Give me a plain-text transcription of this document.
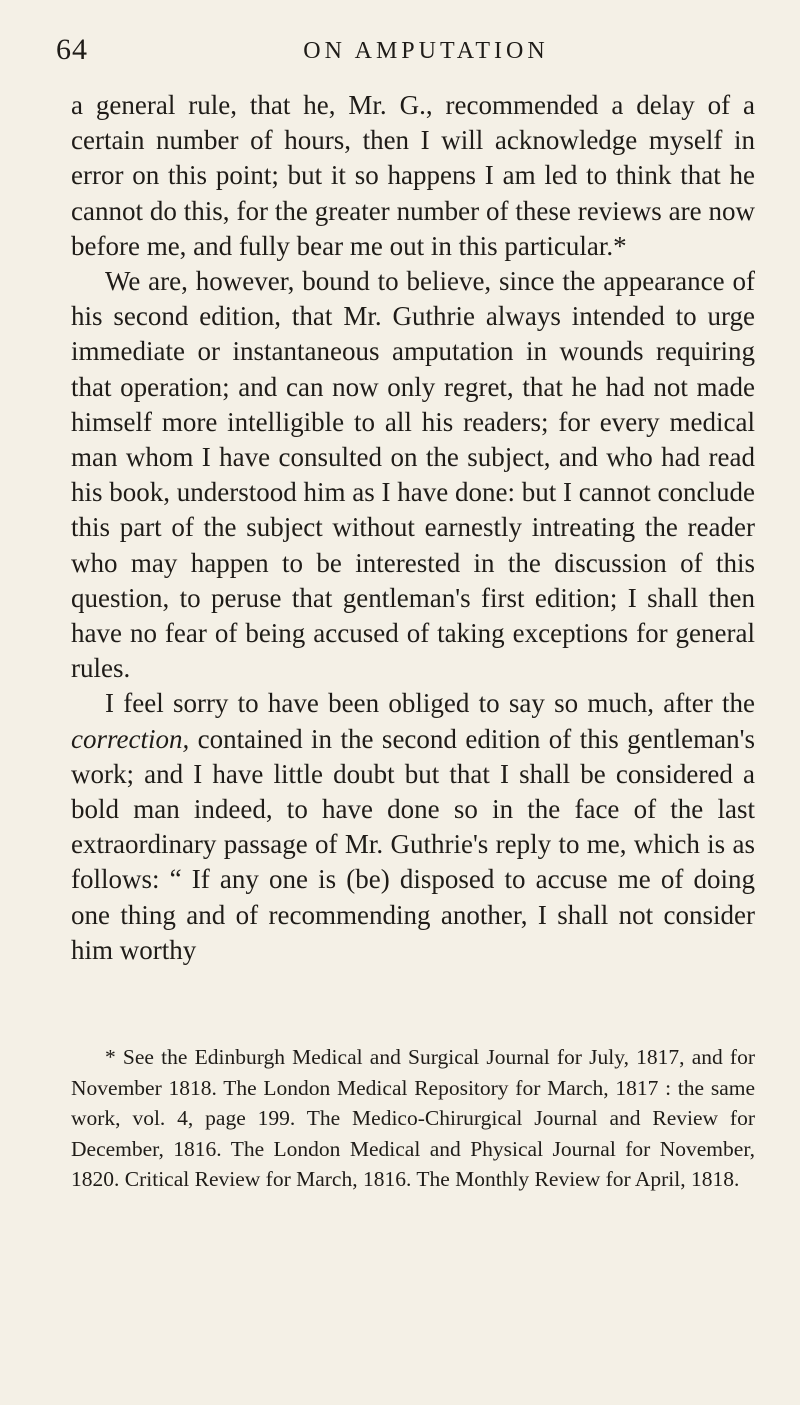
64	ON AMPUTATION

a general rule, that he, Mr. G., recommended a delay of a certain number of hours, then I will acknowledge myself in error on this point; but it so happens I am led to think that he cannot do this, for the greater number of these reviews are now before me, and fully bear me out in this particular.*

We are, however, bound to believe, since the appearance of his second edition, that Mr. Guthrie always intended to urge immediate or instantaneous amputation in wounds requiring that operation; and can now only regret, that he had not made himself more intelligible to all his readers; for every medical man whom I have consulted on the subject, and who had read his book, understood him as I have done: but I cannot conclude this part of the subject without earnestly intreating the reader who may happen to be interested in the discussion of this question, to peruse that gentleman's first edition; I shall then have no fear of being accused of taking exceptions for general rules.

I feel sorry to have been obliged to say so much, after the correction, contained in the second edition of this gentleman's work; and I have little doubt but that I shall be considered a bold man indeed, to have done so in the face of the last extraordinary passage of Mr. Guthrie's reply to me, which is as follows: “ If any one is (be) disposed to accuse me of doing one thing and of recommending another, I shall not consider him worthy

* See the Edinburgh Medical and Surgical Journal for July, 1817, and for November 1818. The London Medical Repository for March, 1817 : the same work, vol. 4, page 199. The Medico-Chirurgical Journal and Review for December, 1816. The London Medical and Physical Journal for November, 1820. Critical Review for March, 1816. The Monthly Review for April, 1818.
